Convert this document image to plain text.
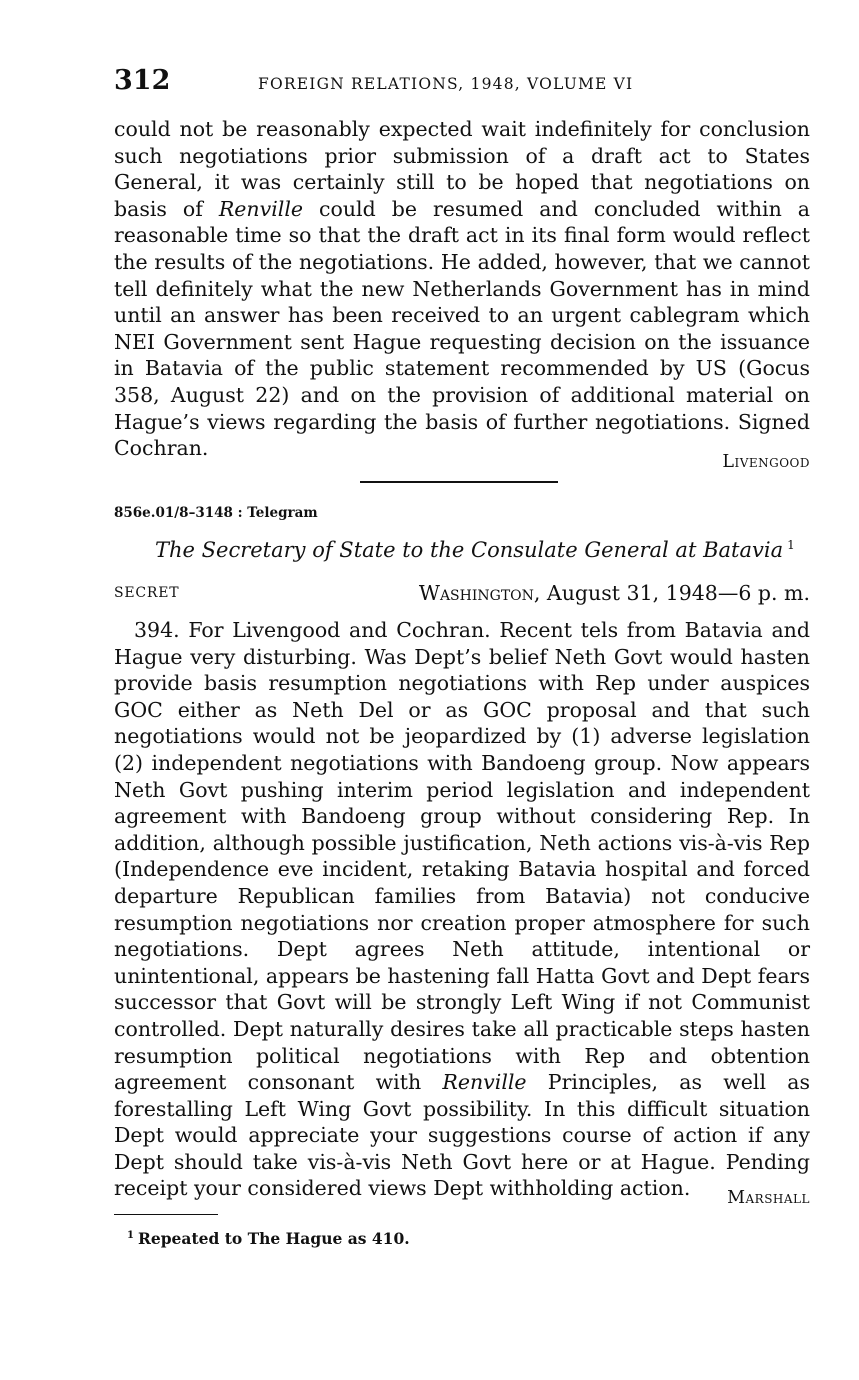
312	FOREIGN RELATIONS, 1948, VOLUME VI

could not be reasonably expected wait indefinitely for conclusion such negotiations prior submission of a draft act to States General, it was certainly still to be hoped that negotiations on basis of Renville could be resumed and concluded within a reasonable time so that the draft act in its final form would reflect the results of the negotiations. He added, however, that we cannot tell definitely what the new Netherlands Government has in mind until an answer has been received to an urgent cablegram which NEI Government sent Hague requesting decision on the issuance in Batavia of the public statement recommended by US (Gocus 358, August 22) and on the provision of additional material on Hague’s views regarding the basis of further negotiations. Signed Cochran.

Livengood
856e.01/8–3148 : Telegram
The Secretary of State to the Consulate General at Batavia $^1$
SECRET	Washington, August 31, 1948—6 p. m.

394. For Livengood and Cochran. Recent tels from Batavia and Hague very disturbing. Was Dept’s belief Neth Govt would hasten provide basis resumption negotiations with Rep under auspices GOC either as Neth Del or as GOC proposal and that such negotiations would not be jeopardized by (1) adverse legislation (2) independent negotiations with Bandoeng group. Now appears Neth Govt pushing interim period legislation and independent agreement with Bandoeng group without considering Rep. In addition, although possible justification, Neth actions vis-à-vis Rep (Independence eve incident, retaking Batavia hospital and forced departure Republican families from Batavia) not conducive resumption negotiations nor creation proper atmosphere for such negotiations. Dept agrees Neth attitude, intentional or unintentional, appears be hastening fall Hatta Govt and Dept fears successor that Govt will be strongly Left Wing if not Communist controlled. Dept naturally desires take all practicable steps hasten resumption political negotiations with Rep and obtention agreement consonant with Renville Principles, as well as forestalling Left Wing Govt possibility. In this difficult situation Dept would appreciate your suggestions course of action if any Dept should take vis-à-vis Neth Govt here or at Hague. Pending receipt your considered views Dept withholding action.	Marshall
$^1$ Repeated to The Hague as 410.
